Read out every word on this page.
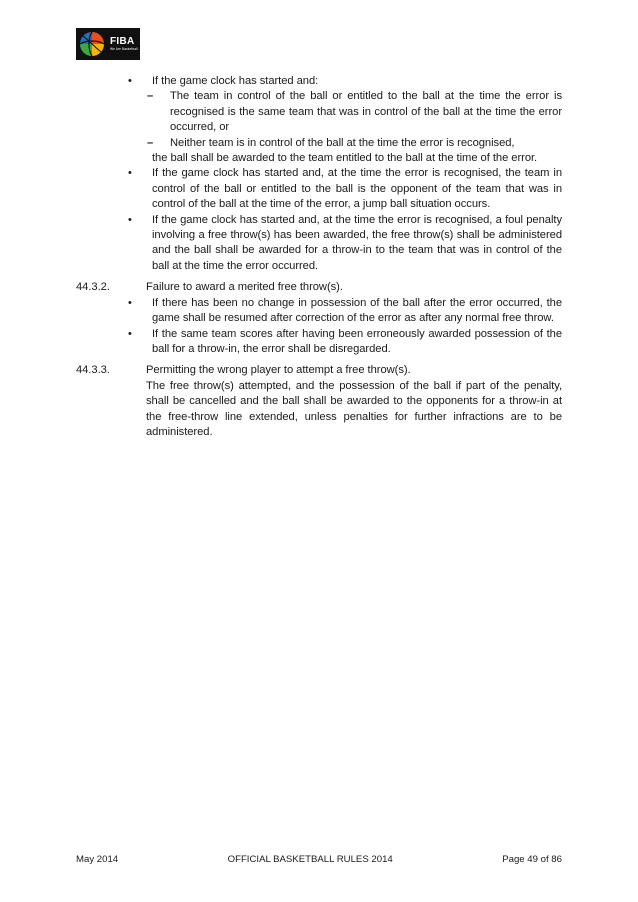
FIBA
We Are Basketball
• If the game clock has started and:
– The team in control of the ball or entitled to the ball at the time the error is recognised is the same team that was in control of the ball at the time the error occurred, or
– Neither team is in control of the ball at the time the error is recognised,
the ball shall be awarded to the team entitled to the ball at the time of the error.
• If the game clock has started and, at the time the error is recognised, the team in control of the ball or entitled to the ball is the opponent of the team that was in control of the ball at the time of the error, a jump ball situation occurs.
• If the game clock has started and, at the time the error is recognised, a foul penalty involving a free throw(s) has been awarded, the free throw(s) shall be administered and the ball shall be awarded for a throw-in to the team that was in control of the ball at the time the error occurred.
44.3.2.	Failure to award a merited free throw(s).
• If there has been no change in possession of the ball after the error occurred, the game shall be resumed after correction of the error as after any normal free throw.
• If the same team scores after having been erroneously awarded possession of the ball for a throw-in, the error shall be disregarded.
44.3.3.	Permitting the wrong player to attempt a free throw(s).
The free throw(s) attempted, and the possession of the ball if part of the penalty, shall be cancelled and the ball shall be awarded to the opponents for a throw-in at the free-throw line extended, unless penalties for further infractions are to be administered.
May 2014	OFFICIAL BASKETBALL RULES 2014	Page 49 of 86
